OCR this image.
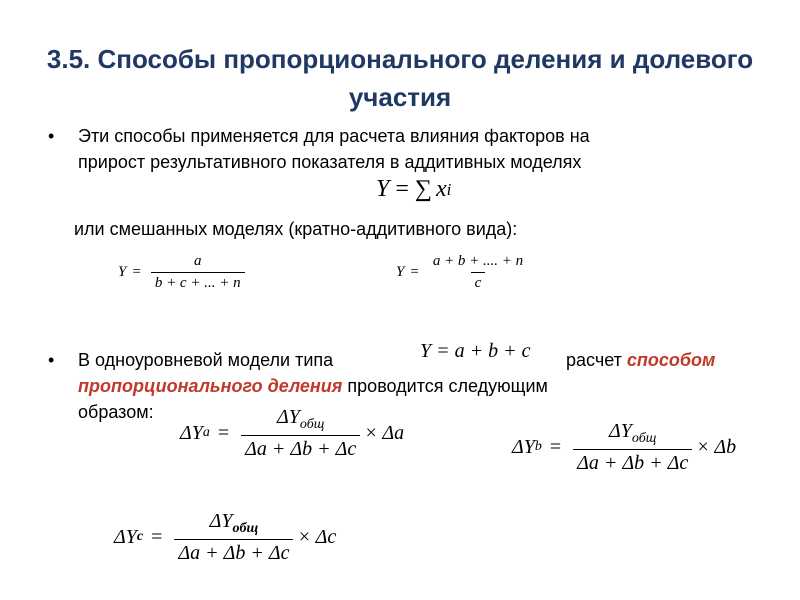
3.5. Способы пропорционального деления и долевого участия
• Эти способы применяется для расчета влияния факторов на
прирост результативного показателя в аддитивных моделях
Y = ∑ x i
или смешанных моделях (кратно-аддитивного вида):
$Y = \frac{a}{b + c + ... + n}$	$Y = \frac{a + b + .... + n}{c}$
• В одноуровневой модели типа	Y = a + b + c расчет способом
пропорционального деления проводится следующим
образом:
ΔY $a = \frac{\Delta Y_{общ}}{\Delta a + \Delta b + \Delta c} \times \Delta a$
ΔY $b = \frac{\Delta Y_{общ}}{\Delta a + \Delta b + \Delta c} \times \Delta b$
ΔY $c = \frac{\Delta Y_{общ}}{\Delta a + \Delta b + \Delta c} \times \Delta c$
